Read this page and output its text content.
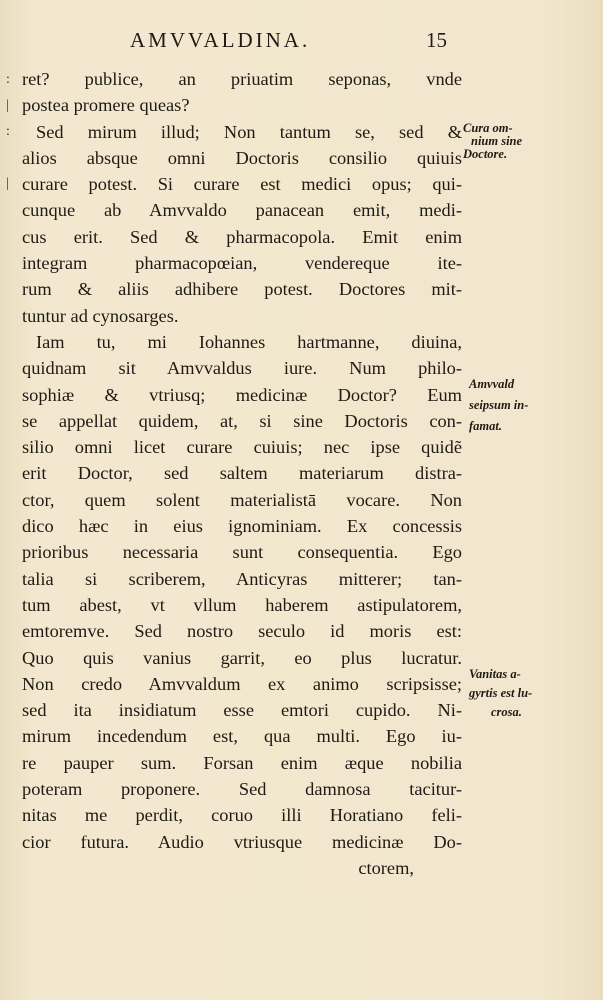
AMVVALDINA.	15
:
|
:
|
ret? publice, an priuatim seponas, vnde
postea promere queas?
Sed mirum illud; Non tantum se, sed &
alios absque omni Doctoris consilio quiuis
curare potest. Si curare est medici opus; qui-
cunque ab Amvvaldo panacean emit, medi-
cus erit. Sed & pharmacopola. Emit enim
integram pharmacopœian, vendereque ite-
rum & aliis adhibere potest. Doctores mit-
tuntur ad cynosarges.
Iam tu, mi Iohannes hartmanne, diuina,
quidnam sit Amvvaldus iure. Num philo-
sophiæ & vtriusq; medicinæ Doctor? Eum
se appellat quidem, at, si sine Doctoris con-
silio omni licet curare cuiuis; nec ipse quidẽ
erit Doctor, sed saltem materiarum distra-
ctor, quem solent materialistā vocare. Non
dico hæc in eius ignominiam. Ex concessis
prioribus necessaria sunt consequentia. Ego
talia si scriberem, Anticyras mitterer; tan-
tum abest, vt vllum haberem astipulatorem,
emtoremve. Sed nostro seculo id moris est:
Quo quis vanius garrit, eo plus lucratur.
Non credo Amvvaldum ex animo scripsisse;
sed ita insidiatum esse emtori cupido. Ni-
mirum incedendum est, qua multi. Ego iu-
re pauper sum. Forsan enim æque nobilia
poteram proponere. Sed damnosa tacitur-
nitas me perdit, coruo illi Horatiano feli-
cior futura. Audio vtriusque medicinæ Do-
ctorem,
Cura om-
nium sine
Doctore.
Amvvald
seipsum in-
famat.
Vanitas a-
gyrtis est lu-
crosa.
